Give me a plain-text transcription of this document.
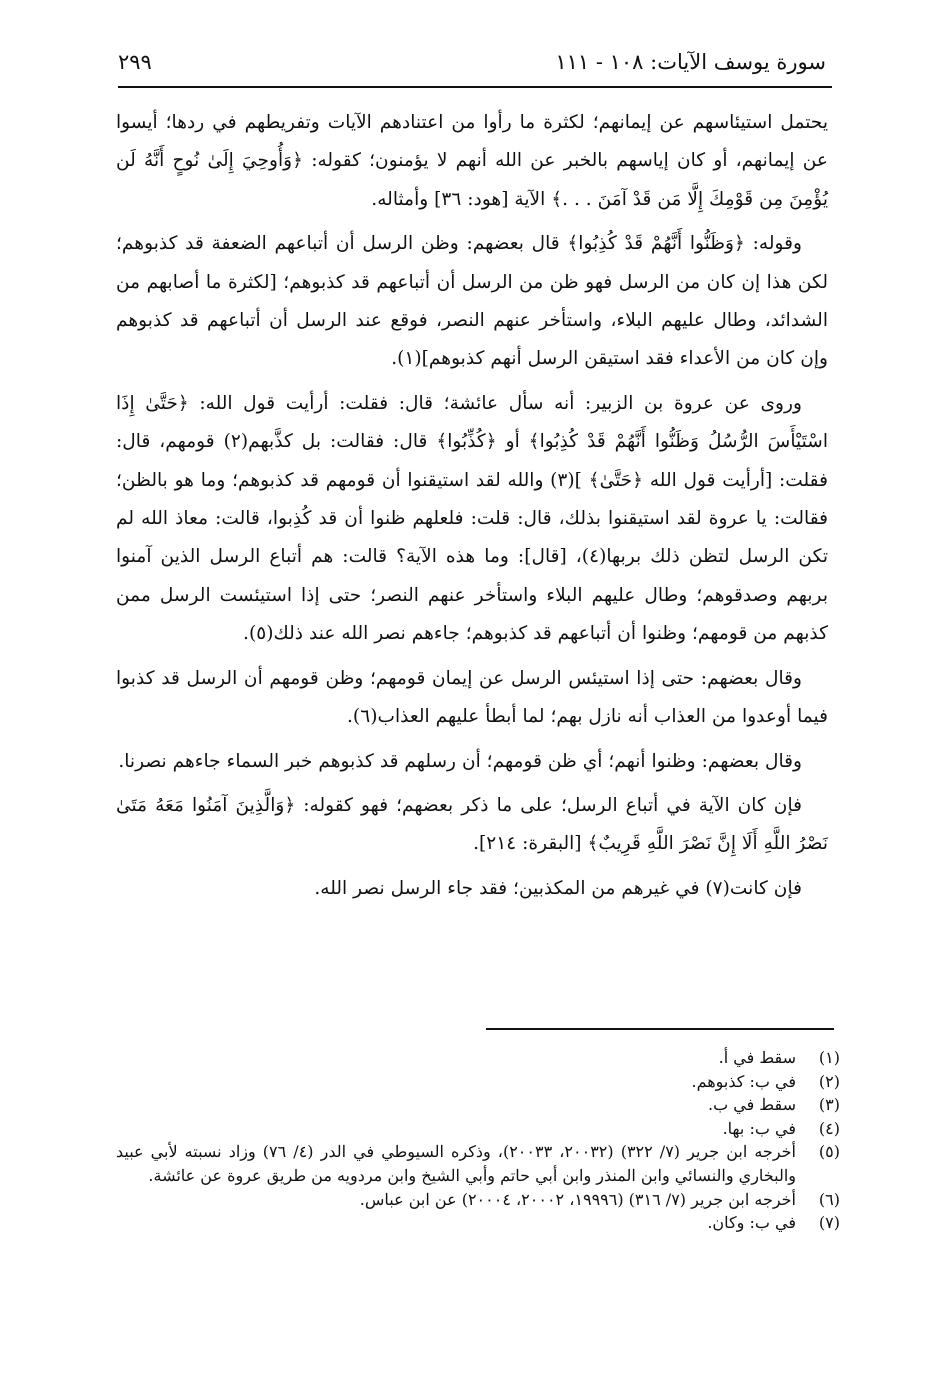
سورة يوسف الآيات: ١٠٨ - ١١١
٢٩٩

يحتمل استيئاسهم عن إيمانهم؛ لكثرة ما رأوا من اعتنادهم الآيات وتفريطهم في ردها؛ أيسوا عن إيمانهم، أو كان إياسهم بالخبر عن الله أنهم لا يؤمنون؛ كقوله: ﴿وَأُوحِيَ إِلَىٰ نُوحٍ أَنَّهُ لَن يُؤْمِنَ مِن قَوْمِكَ إِلَّا مَن قَدْ آمَنَ . . .﴾ الآية [هود: ٣٦] وأمثاله.

وقوله: ﴿وَظَنُّوا أَنَّهُمْ قَدْ كُذِبُوا﴾ قال بعضهم: وظن الرسل أن أتباعهم الضعفة قد كذبوهم؛ لكن هذا إن كان من الرسل فهو ظن من الرسل أن أتباعهم قد كذبوهم؛ [لكثرة ما أصابهم من الشدائد، وطال عليهم البلاء، واستأخر عنهم النصر، فوقع عند الرسل أن أتباعهم قد كذبوهم وإن كان من الأعداء فقد استيقن الرسل أنهم كذبوهم](١).

وروى عن عروة بن الزبير: أنه سأل عائشة؛ قال: فقلت: أرأيت قول الله: ﴿حَتَّىٰ إِذَا اسْتَيْأَسَ الرُّسُلُ وَظَنُّوا أَنَّهُمْ قَدْ كُذِبُوا﴾ أو ﴿كُذِّبُوا﴾ قال: فقالت: بل كذَّبهم(٢) قومهم، قال: فقلت: [أرأيت قول الله ﴿حَتَّىٰ﴾ ](٣) والله لقد استيقنوا أن قومهم قد كذبوهم؛ وما هو بالظن؛ فقالت: يا عروة لقد استيقنوا بذلك، قال: قلت: فلعلهم ظنوا أن قد كُذِبوا، قالت: معاذ الله لم تكن الرسل لتظن ذلك بربها(٤)، [قال]: وما هذه الآية؟ قالت: هم أتباع الرسل الذين آمنوا بربهم وصدقوهم؛ وطال عليهم البلاء واستأخر عنهم النصر؛ حتى إذا استيئست الرسل ممن كذبهم من قومهم؛ وظنوا أن أتباعهم قد كذبوهم؛ جاءهم نصر الله عند ذلك(٥).

وقال بعضهم: حتى إذا استيئس الرسل عن إيمان قومهم؛ وظن قومهم أن الرسل قد كذبوا فيما أوعدوا من العذاب أنه نازل بهم؛ لما أبطأ عليهم العذاب(٦).

وقال بعضهم: وظنوا أنهم؛ أي ظن قومهم؛ أن رسلهم قد كذبوهم خبر السماء جاءهم نصرنا.

فإن كان الآية في أتباع الرسل؛ على ما ذكر بعضهم؛ فهو كقوله: ﴿وَالَّذِينَ آمَنُوا مَعَهُ مَتَىٰ نَصْرُ اللَّهِ أَلَا إِنَّ نَصْرَ اللَّهِ قَرِيبٌ﴾ [البقرة: ٢١٤].

فإن كانت(٧) في غيرهم من المكذبين؛ فقد جاء الرسل نصر الله.

(١)
سقط في أ.
(٢)
في ب: كذبوهم.
(٣)
سقط في ب.
(٤)
في ب: بها.
(٥)
أخرجه ابن جرير (٧/ ٣٢٢) (٢٠٠٣٢، ٢٠٠٣٣)، وذكره السيوطي في الدر (٤/ ٧٦) وزاد نسبته لأبي عبيد والبخاري والنسائي وابن المنذر وابن أبي حاتم وأبي الشيخ وابن مردويه من طريق عروة عن عائشة.
(٦)
أخرجه ابن جرير (٧/ ٣١٦) (١٩٩٩٦، ٢٠٠٠٢، ٢٠٠٠٤) عن ابن عباس.
(٧)
في ب: وكان.
